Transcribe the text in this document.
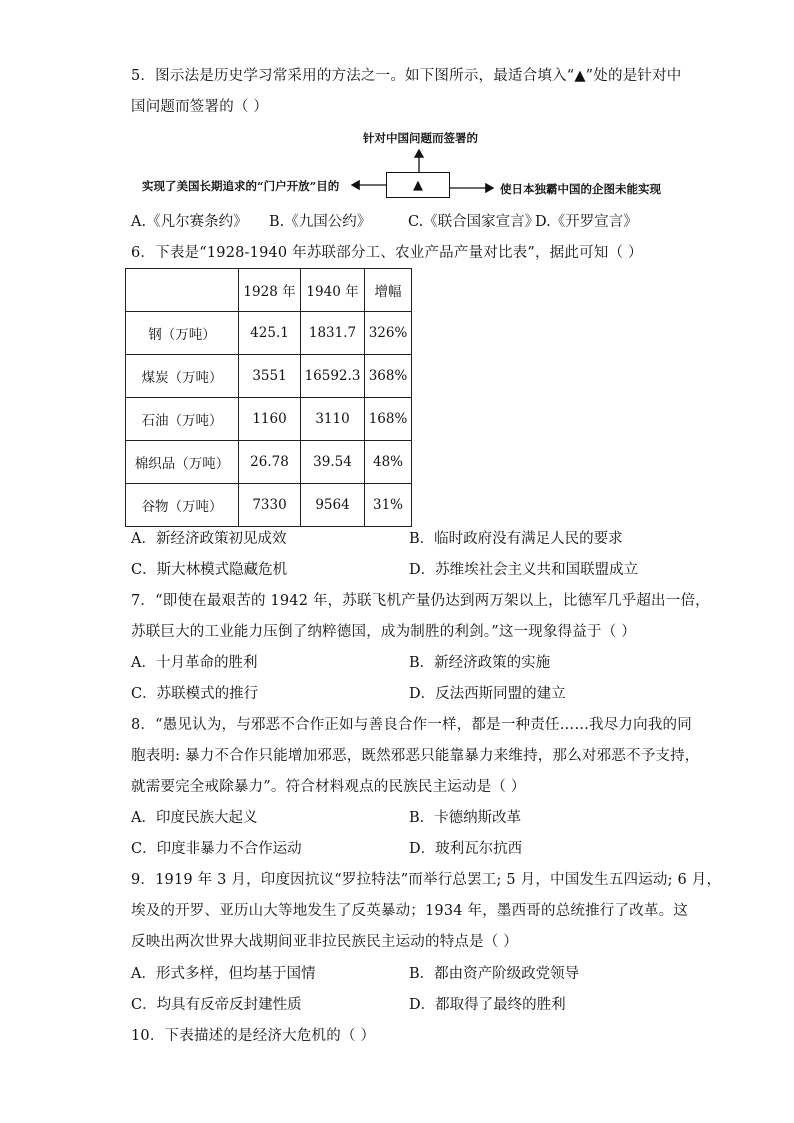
5．图示法是历史学习常采用的方法之一。如下图所示，最适合填入“▲”处的是针对中
国问题而签署的（ ）
针对中国问题而签署的
实现了美国长期追求的“门户开放”目的	使日本独霸中国的企图未能实现
▲
A.《凡尔赛条约》 B.《九国公约》	C.《联合国家宣言》
D.《开罗宣言》
6．下表是“1928-1940 年苏联部分工、农业产品产量对比表”，据此可知（ ）
	1928 年	1940 年	增幅
钢（万吨）	425.1	1831.7	326%
煤炭（万吨）	3551	16592.3	368%
石油（万吨）	1160	3110	168%
棉织品（万吨）	26.78	39.54	48%
谷物（万吨）	7330	9564	31%
A．新经济政策初见成效	B．临时政府没有满足人民的要求
C．斯大林模式隐藏危机	D．苏维埃社会主义共和国联盟成立
7．“即使在最艰苦的 1942 年，苏联飞机产量仍达到两万架以上，比德军几乎超出一倍，
苏联巨大的工业能力压倒了纳粹德国，成为制胜的利剑。”这一现象得益于（ ）
A．十月革命的胜利	B．新经济政策的实施
C．苏联模式的推行	D．反法西斯同盟的建立
8．“愚见认为，与邪恶不合作正如与善良合作一样，都是一种责任……我尽力向我的同
胞表明: 暴力不合作只能增加邪恶，既然邪恶只能靠暴力来维持，那么对邪恶不予支持，
就需要完全戒除暴力”。符合材料观点的民族民主运动是（ ）
A．印度民族大起义	B．卡德纳斯改革
C．印度非暴力不合作运动	D．玻利瓦尔抗西
9．1919 年 3 月，印度因抗议“罗拉特法”而举行总罢工; 5 月，中国发生五四运动; 6 月，
埃及的开罗、亚历山大等地发生了反英暴动；1934 年，墨西哥的总统推行了改革。这
反映出两次世界大战期间亚非拉民族民主运动的特点是（ ）
A．形式多样，但均基于国情	B．都由资产阶级政党领导
C．均具有反帝反封建性质	D．都取得了最终的胜利
10．下表描述的是经济大危机的（ ）
